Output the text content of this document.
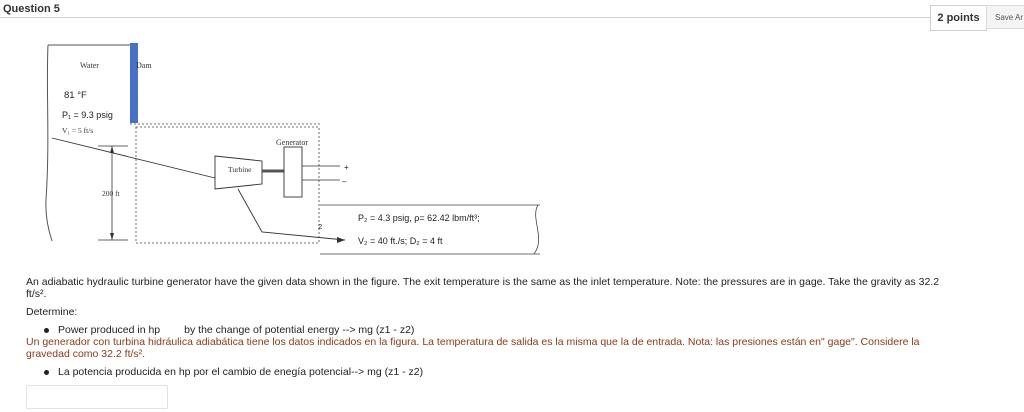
Question 5
2 points	Save Ar
Water	Dam
81 °F
P₁ = 9.3 psig
V₁ = 5 ft/s
Generator
Turbine
200 ft
+
–
2
P₂ = 4.3 psig, ρ= 62.42 lbm/ft³;
V₂ = 40 ft./s; D₂ = 4 ft
An adiabatic hydraulic turbine generator have the given data shown in the figure. The exit temperature is the same as the inlet temperature. Note: the pressures are in gage. Take the gravity as 32.2
ft/s².
Determine:
Power produced in hp by the change of potential energy --> mg (z1 - z2)
Un generador con turbina hidráulica adiabática tiene los datos indicados en la figura. La temperatura de salida es la misma que la de entrada. Nota: las presiones están en" gage". Considere la
gravedad como 32.2 ft/s².
La potencia producida en hp por el cambio de enegía potencial--> mg (z1 - z2)
